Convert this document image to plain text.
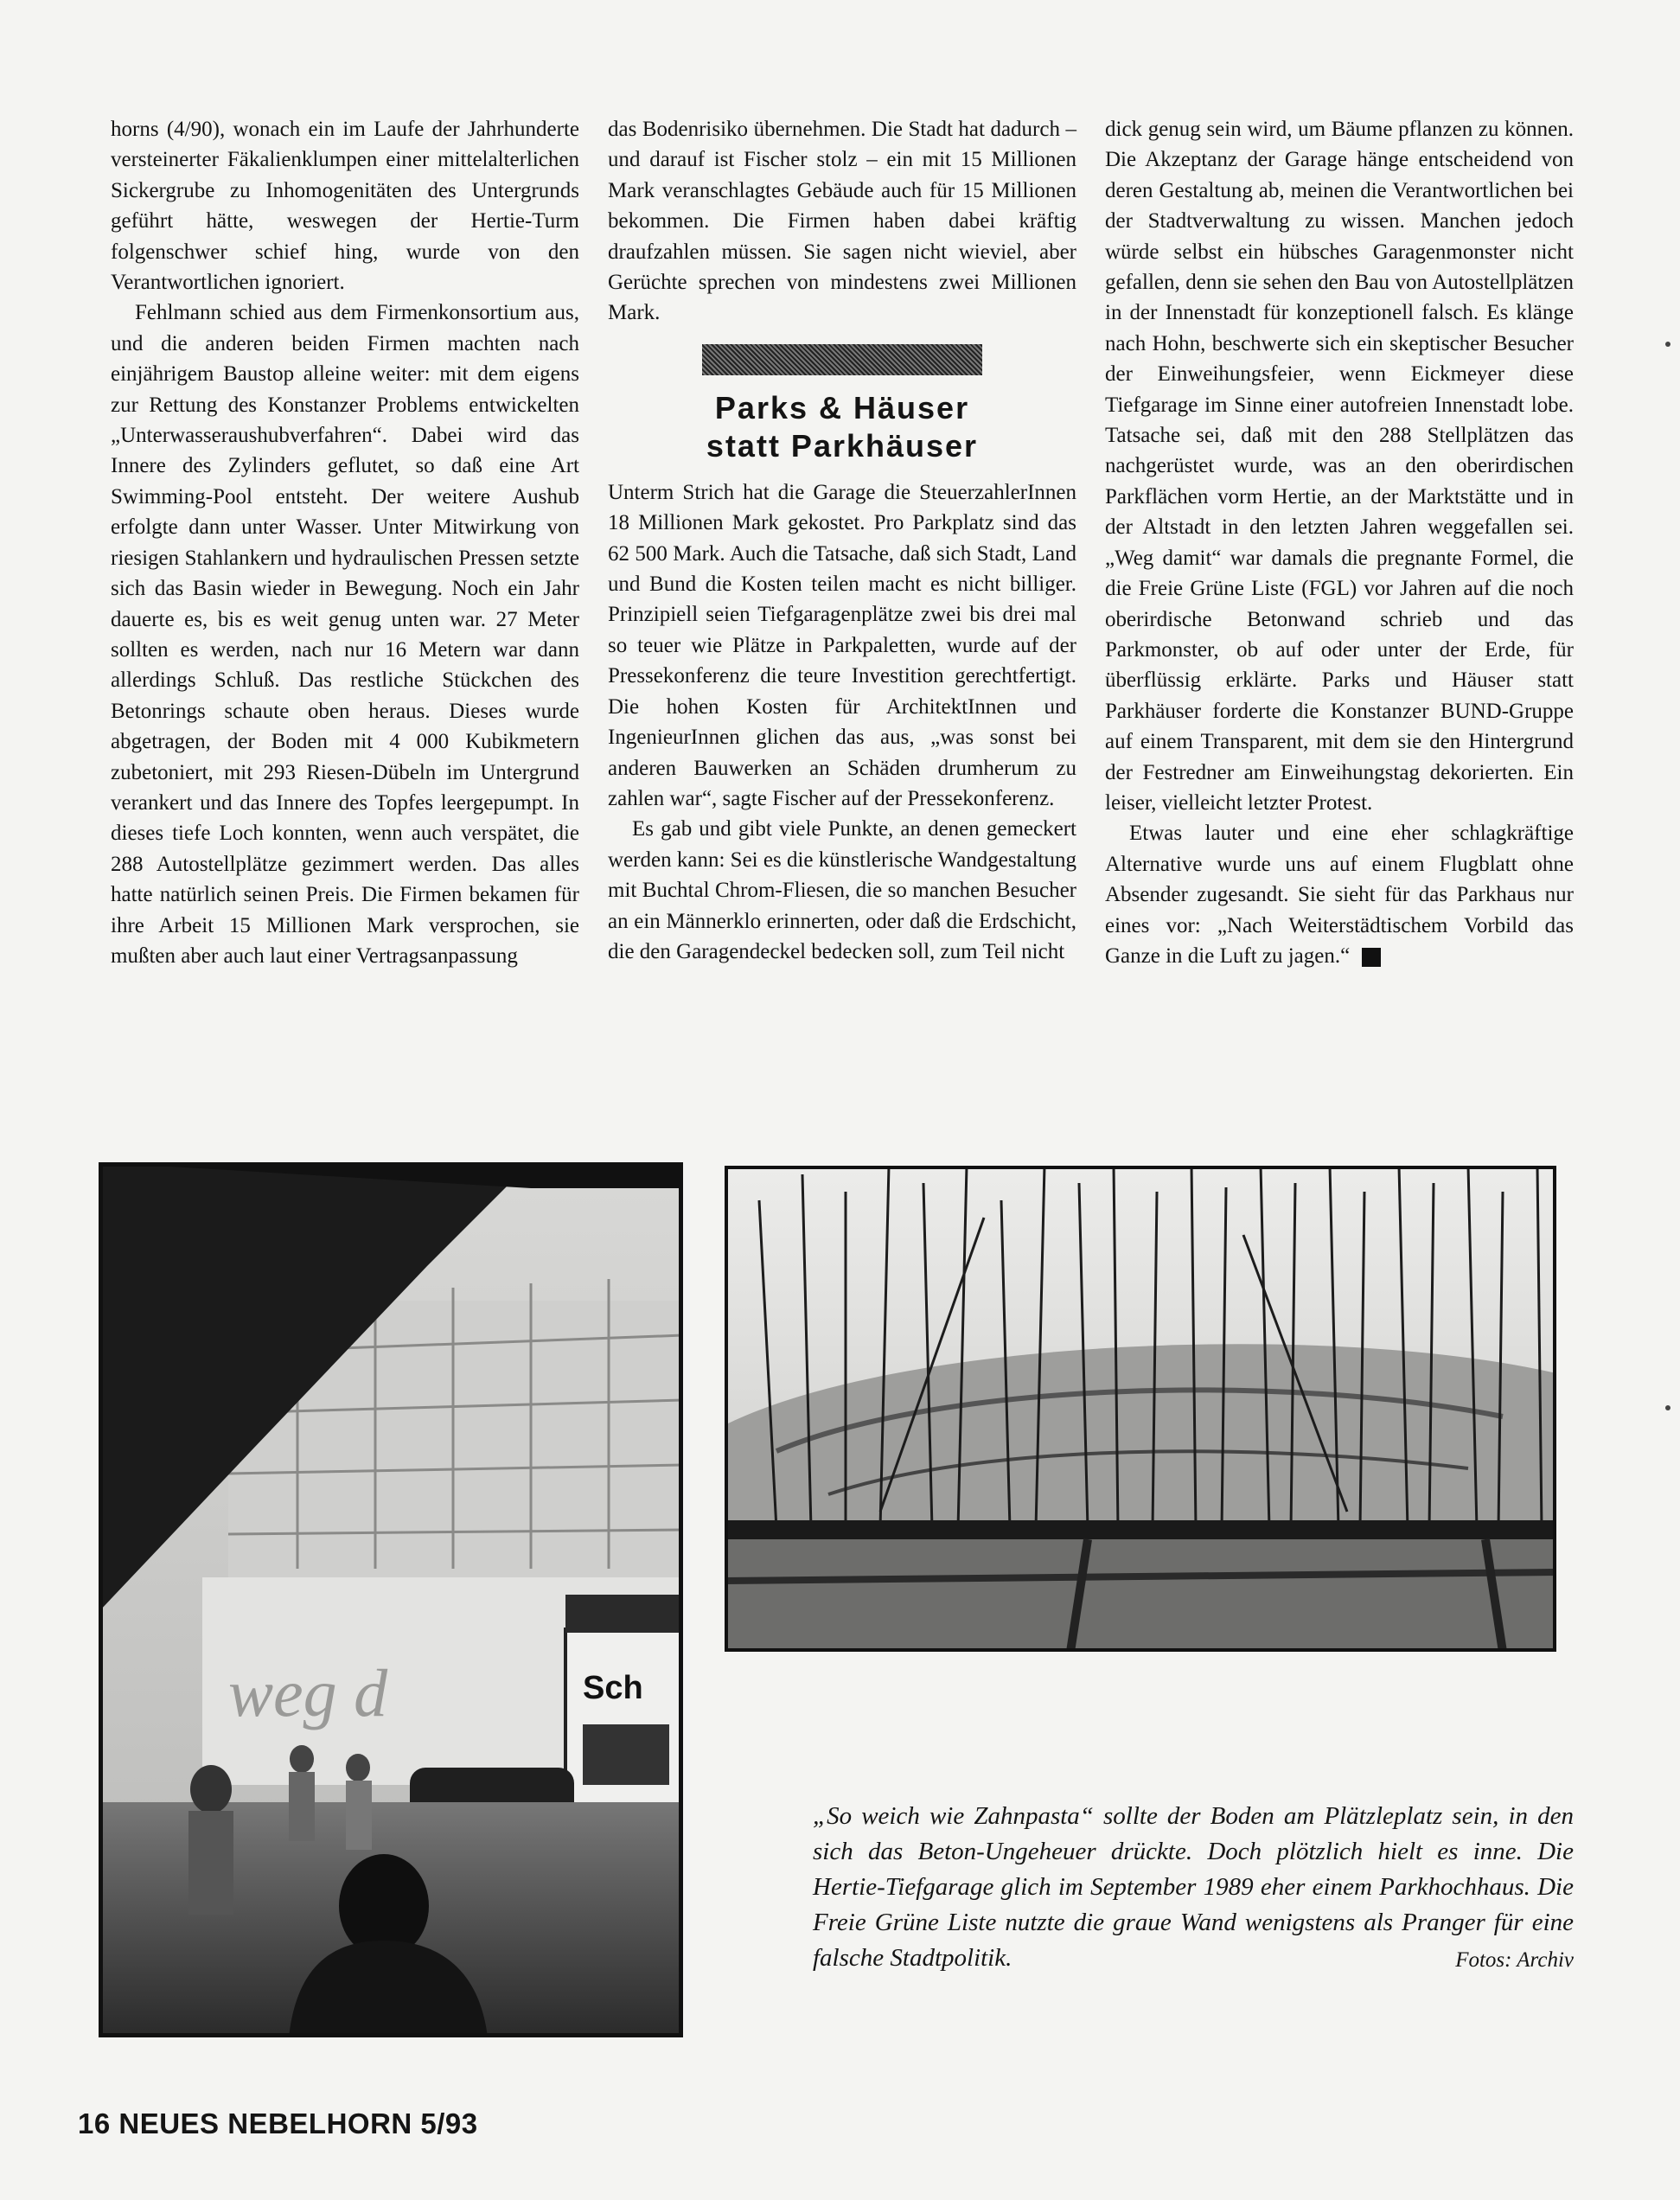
horns (4/90), wonach ein im Laufe der Jahrhunderte versteinerter Fäkalienklumpen einer mittelalterlichen Sickergrube zu Inhomogenitäten des Untergrunds geführt hätte, weswegen der Hertie-Turm folgenschwer schief hing, wurde von den Verantwortlichen ignoriert.

Fehlmann schied aus dem Firmenkonsortium aus, und die anderen beiden Firmen machten nach einjährigem Baustop alleine weiter: mit dem eigens zur Rettung des Konstanzer Problems entwickelten „Unterwasseraushubverfahren“. Dabei wird das Innere des Zylinders geflutet, so daß eine Art Swimming-Pool entsteht. Der weitere Aushub erfolgte dann unter Wasser. Unter Mitwirkung von riesigen Stahlankern und hydraulischen Pressen setzte sich das Basin wieder in Bewegung. Noch ein Jahr dauerte es, bis es weit genug unten war. 27 Meter sollten es werden, nach nur 16 Metern war dann allerdings Schluß. Das restliche Stückchen des Betonrings schaute oben heraus. Dieses wurde abgetragen, der Boden mit 4 000 Kubikmetern zubetoniert, mit 293 Riesen-Dübeln im Untergrund verankert und das Innere des Topfes leergepumpt. In dieses tiefe Loch konnten, wenn auch verspätet, die 288 Autostellplätze gezimmert werden. Das alles hatte natürlich seinen Preis. Die Firmen bekamen für ihre Arbeit 15 Millionen Mark versprochen, sie mußten aber auch laut einer Vertragsanpassung

das Bodenrisiko übernehmen. Die Stadt hat dadurch – und darauf ist Fischer stolz – ein mit 15 Millionen Mark veranschlagtes Gebäude auch für 15 Millionen bekommen. Die Firmen haben dabei kräftig draufzahlen müssen. Sie sagen nicht wieviel, aber Gerüchte sprechen von mindestens zwei Millionen Mark.

Parks & Häuser
statt Parkhäuser

Unterm Strich hat die Garage die SteuerzahlerInnen 18 Millionen Mark gekostet. Pro Parkplatz sind das 62 500 Mark. Auch die Tatsache, daß sich Stadt, Land und Bund die Kosten teilen macht es nicht billiger. Prinzipiell seien Tiefgaragenplätze zwei bis drei mal so teuer wie Plätze in Parkpaletten, wurde auf der Pressekonferenz die teure Investition gerechtfertigt. Die hohen Kosten für ArchitektInnen und IngenieurInnen glichen das aus, „was sonst bei anderen Bauwerken an Schäden drumherum zu zahlen war“, sagte Fischer auf der Pressekonferenz.

Es gab und gibt viele Punkte, an denen gemeckert werden kann: Sei es die künstlerische Wandgestaltung mit Buchtal Chrom-Fliesen, die so manchen Besucher an ein Männerklo erinnerten, oder daß die Erdschicht, die den Garagendeckel bedecken soll, zum Teil nicht

dick genug sein wird, um Bäume pflanzen zu können. Die Akzeptanz der Garage hänge entscheidend von deren Gestaltung ab, meinen die Verantwortlichen bei der Stadtverwaltung zu wissen. Manchen jedoch würde selbst ein hübsches Garagenmonster nicht gefallen, denn sie sehen den Bau von Autostellplätzen in der Innenstadt für konzeptionell falsch. Es klänge nach Hohn, beschwerte sich ein skeptischer Besucher der Einweihungsfeier, wenn Eickmeyer diese Tiefgarage im Sinne einer autofreien Innenstadt lobe. Tatsache sei, daß mit den 288 Stellplätzen das nachgerüstet wurde, was an den oberirdischen Parkflächen vorm Hertie, an der Marktstätte und in der Altstadt in den letzten Jahren weggefallen sei. „Weg damit“ war damals die pregnante Formel, die die Freie Grüne Liste (FGL) vor Jahren auf die noch oberirdische Betonwand schrieb und das Parkmonster, ob auf oder unter der Erde, für überflüssig erklärte. Parks und Häuser statt Parkhäuser forderte die Konstanzer BUND-Gruppe auf einem Transparent, mit dem sie den Hintergrund der Festredner am Einweihungstag dekorierten. Ein leiser, vielleicht letzter Protest.

Etwas lauter und eine eher schlagkräftige Alternative wurde uns auf einem Flugblatt ohne Absender zugesandt. Sie sieht für das Parkhaus nur eines vor: „Nach Weiterstädtischem Vorbild das Ganze in die Luft zu jagen.“	N

weg d	Sch
„So weich wie Zahnpasta“ sollte der Boden am Plätzleplatz sein, in den sich das Beton-Ungeheuer drückte. Doch plötzlich hielt es inne. Die Hertie-Tiefgarage glich im September 1989 eher einem Parkhochhaus. Die Freie Grüne Liste nutzte die graue Wand wenigstens als Pranger für eine falsche Stadtpolitik.	Fotos: Archiv
16 NEUES NEBELHORN 5/93
